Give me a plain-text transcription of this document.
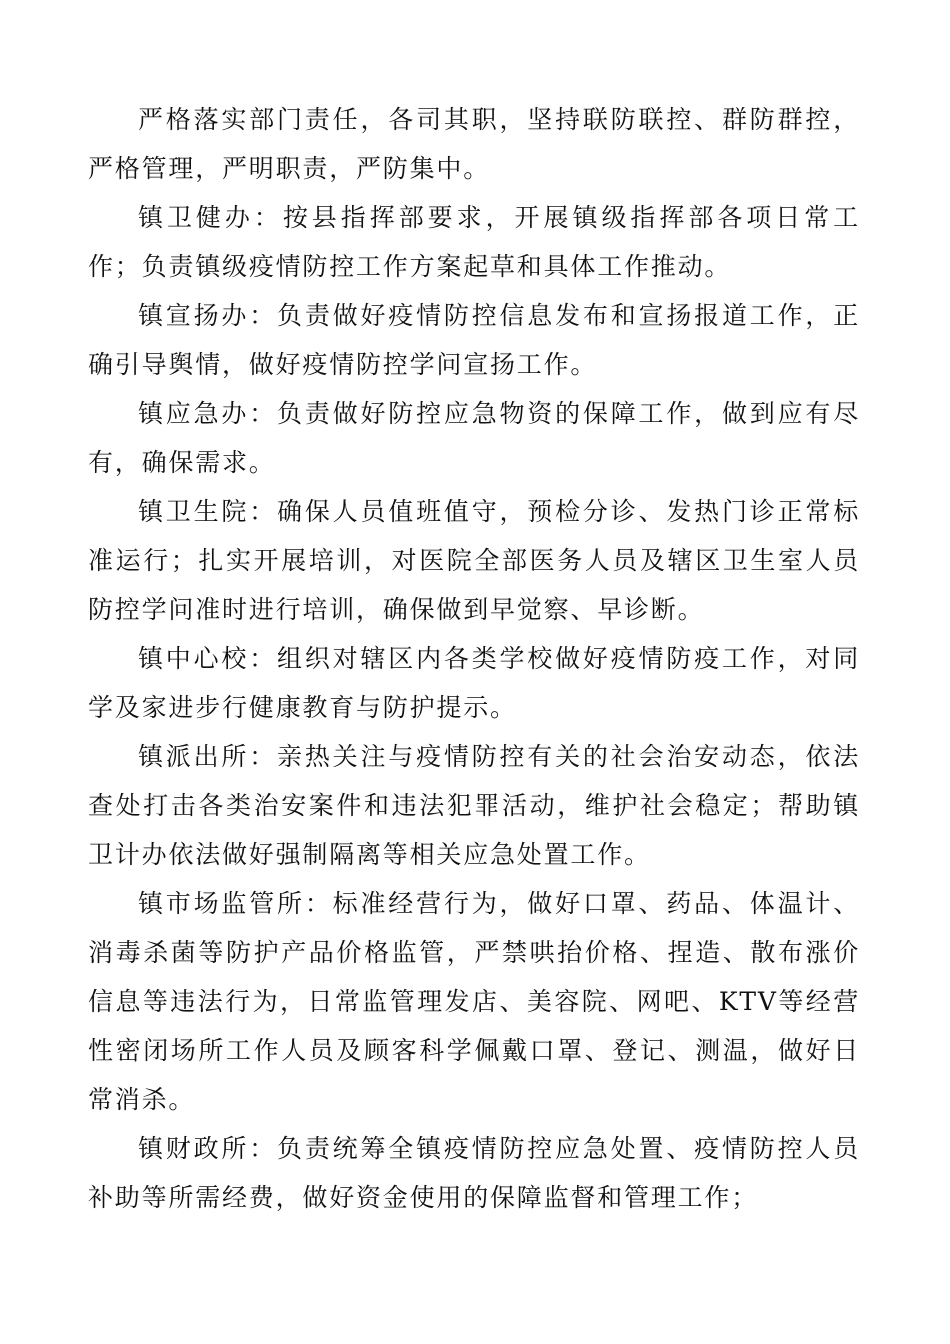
严格落实部门责任，各司其职，坚持联防联控、群防群控，严格管理，严明职责，严防集中。

镇卫健办：按县指挥部要求，开展镇级指挥部各项日常工作；负责镇级疫情防控工作方案起草和具体工作推动。

镇宣扬办：负责做好疫情防控信息发布和宣扬报道工作，正确引导舆情，做好疫情防控学问宣扬工作。

镇应急办：负责做好防控应急物资的保障工作，做到应有尽有，确保需求。

镇卫生院：确保人员值班值守，预检分诊、发热门诊正常标准运行；扎实开展培训，对医院全部医务人员及辖区卫生室人员防控学问准时进行培训，确保做到早觉察、早诊断。

镇中心校：组织对辖区内各类学校做好疫情防疫工作，对同学及家进步行健康教育与防护提示。

镇派出所：亲热关注与疫情防控有关的社会治安动态，依法查处打击各类治安案件和违法犯罪活动，维护社会稳定；帮助镇卫计办依法做好强制隔离等相关应急处置工作。

镇市场监管所：标准经营行为，做好口罩、药品、体温计、消毒杀菌等防护产品价格监管，严禁哄抬价格、捏造、散布涨价信息等违法行为，日常监管理发店、美容院、网吧、KTV等经营性密闭场所工作人员及顾客科学佩戴口罩、登记、测温，做好日常消杀。

镇财政所：负责统筹全镇疫情防控应急处置、疫情防控人员补助等所需经费，做好资金使用的保障监督和管理工作；
